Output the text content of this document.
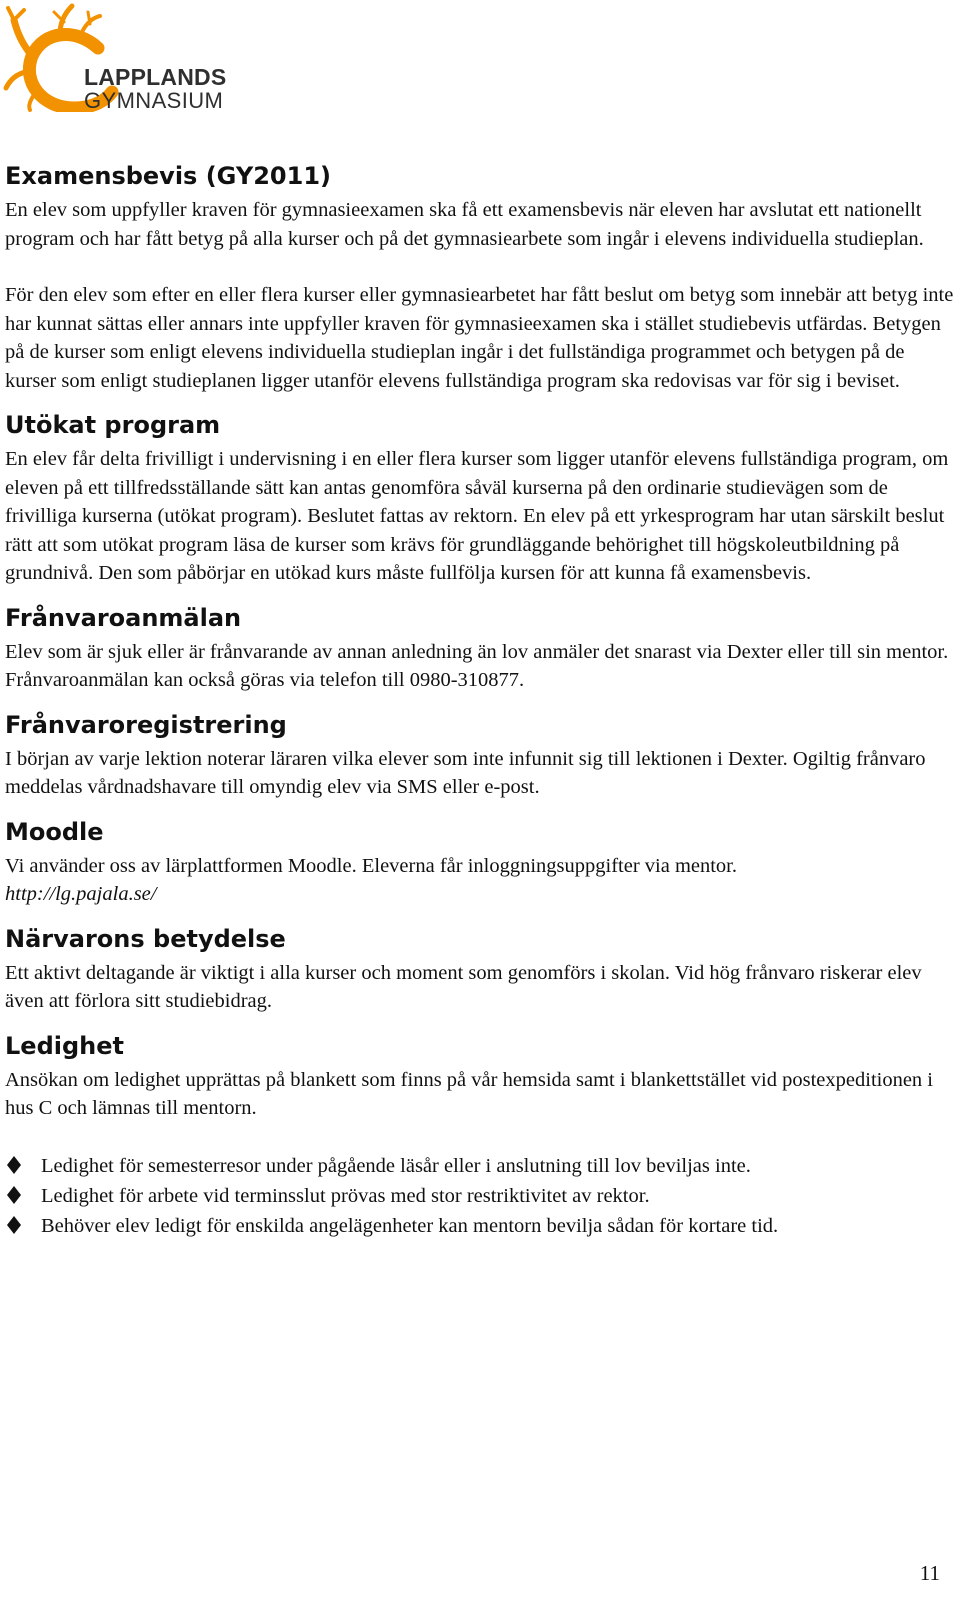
LAPPLANDS
GYMNASIUM
Examensbevis (GY2011)

En elev som uppfyller kraven för gymnasieexamen ska få ett examensbevis när eleven har avslutat ett nationellt program och har fått betyg på alla kurser och på det gymnasiearbete som ingår i elevens individuella studieplan.

För den elev som efter en eller flera kurser eller gymnasiearbetet har fått beslut om betyg som innebär att betyg inte har kunnat sättas eller annars inte uppfyller kraven för gymnasieexamen ska i stället studiebevis utfärdas. Betygen på de kurser som enligt elevens individuella studieplan ingår i det fullständiga programmet och betygen på de kurser som enligt studieplanen ligger utanför elevens fullständiga program ska redovisas var för sig i beviset.

Utökat program

En elev får delta frivilligt i undervisning i en eller flera kurser som ligger utanför elevens fullständiga program, om eleven på ett tillfredsställande sätt kan antas genomföra såväl kurserna på den ordinarie studievägen som de frivilliga kurserna (utökat program). Beslutet fattas av rektorn. En elev på ett yrkesprogram har utan särskilt beslut rätt att som utökat program läsa de kurser som krävs för grundläggande behörighet till högskoleutbildning på grundnivå. Den som påbörjar en utökad kurs måste fullfölja kursen för att kunna få examensbevis.

Frånvaroanmälan

Elev som är sjuk eller är frånvarande av annan anledning än lov anmäler det snarast via Dexter eller till sin mentor. Frånvaroanmälan kan också göras via telefon till 0980-310877.

Frånvaroregistrering

I början av varje lektion noterar läraren vilka elever som inte infunnit sig till lektionen i Dexter. Ogiltig frånvaro meddelas vårdnadshavare till omyndig elev via SMS eller e-post.

Moodle

Vi använder oss av lärplattformen Moodle. Eleverna får inloggningsuppgifter via mentor.

http://lg.pajala.se/

Närvarons betydelse

Ett aktivt deltagande är viktigt i alla kurser och moment som genomförs i skolan. Vid hög frånvaro riskerar elev även att förlora sitt studiebidrag.

Ledighet

Ansökan om ledighet upprättas på blankett som finns på vår hemsida samt i blankettstället vid postexpeditionen i hus C och lämnas till mentorn.

Ledighet för semesterresor under pågående läsår eller i anslutning till lov beviljas inte.
Ledighet för arbete vid terminsslut prövas med stor restriktivitet av rektor.
Behöver elev ledigt för enskilda angelägenheter kan mentorn bevilja sådan för kortare tid.
11
